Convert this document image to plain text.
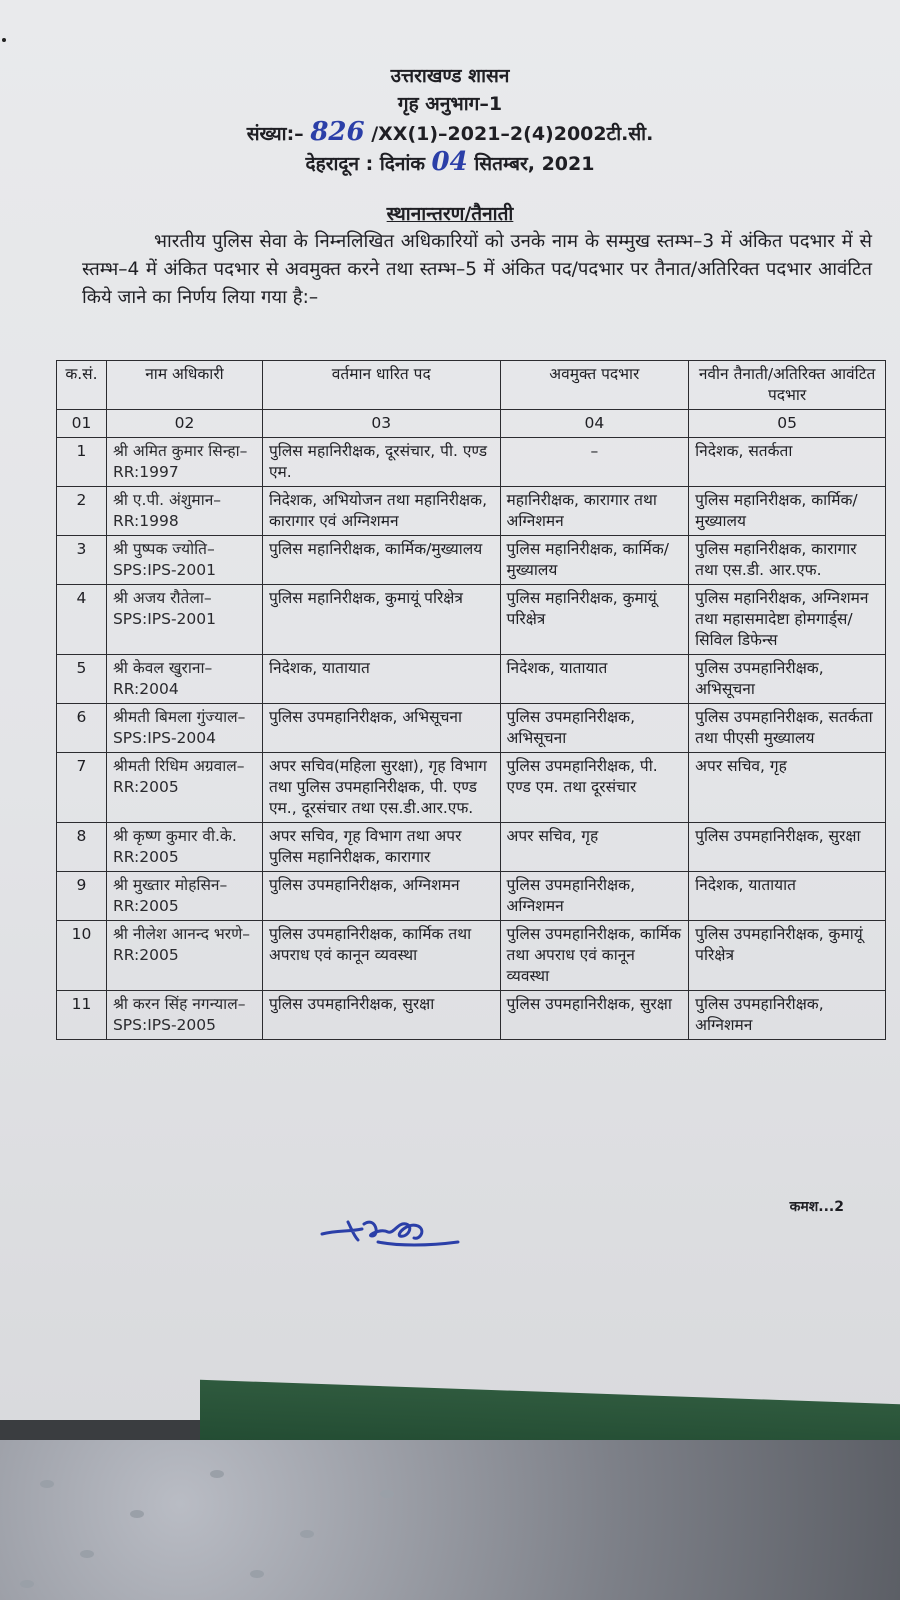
उत्तराखण्ड शासन
गृह अनुभाग–1
संख्या:– 826 /XX(1)–2021–2(4)2002टी.सी.
देहरादून : दिनांक 04 सितम्बर, 2021
स्थानान्तरण/तैनाती
भारतीय पुलिस सेवा के निम्नलिखित अधिकारियों को उनके नाम के सम्मुख स्तम्भ–3 में अंकित पदभार में से स्तम्भ–4 में अंकित पदभार से अवमुक्त करने तथा स्तम्भ–5 में अंकित पद/पदभार पर तैनात/अतिरिक्त पदभार आवंटित किये जाने का निर्णय लिया गया है:–
क.सं.	नाम अधिकारी	वर्तमान धारित पद	अवमुक्त पदभार	नवीन तैनाती/अतिरिक्त आवंटित पदभार
01	02	03	04	05
1	श्री अमित कुमार सिन्हा– RR:1997	पुलिस महानिरीक्षक, दूरसंचार, पी. एण्ड एम.	–	निदेशक, सतर्कता
2	श्री ए.पी. अंशुमान– RR:1998	निदेशक, अभियोजन तथा महानिरीक्षक, कारागार एवं अग्निशमन	महानिरीक्षक, कारागार तथा अग्निशमन	पुलिस महानिरीक्षक, कार्मिक/मुख्यालय
3	श्री पुष्पक ज्योति– SPS:IPS-2001	पुलिस महानिरीक्षक, कार्मिक/मुख्यालय	पुलिस महानिरीक्षक, कार्मिक/मुख्यालय	पुलिस महानिरीक्षक, कारागार तथा एस.डी. आर.एफ.
4	श्री अजय रौतेला– SPS:IPS-2001	पुलिस महानिरीक्षक, कुमायूं परिक्षेत्र	पुलिस महानिरीक्षक, कुमायूं परिक्षेत्र	पुलिस महानिरीक्षक, अग्निशमन तथा महासमादेष्टा होमगार्ड्स/सिविल डिफेन्स
5	श्री केवल खुराना– RR:2004	निदेशक, यातायात	निदेशक, यातायात	पुलिस उपमहानिरीक्षक, अभिसूचना
6	श्रीमती बिमला गुंज्याल– SPS:IPS-2004	पुलिस उपमहानिरीक्षक, अभिसूचना	पुलिस उपमहानिरीक्षक, अभिसूचना	पुलिस उपमहानिरीक्षक, सतर्कता तथा पीएसी मुख्यालय
7	श्रीमती रिधिम अग्रवाल– RR:2005	अपर सचिव(महिला सुरक्षा), गृह विभाग तथा पुलिस उपमहानिरीक्षक, पी. एण्ड एम., दूरसंचार तथा एस.डी.आर.एफ.	पुलिस उपमहानिरीक्षक, पी. एण्ड एम. तथा दूरसंचार	अपर सचिव, गृह
8	श्री कृष्ण कुमार वी.के. RR:2005	अपर सचिव, गृह विभाग तथा अपर पुलिस महानिरीक्षक, कारागार	अपर सचिव, गृह	पुलिस उपमहानिरीक्षक, सुरक्षा
9	श्री मुख्तार मोहसिन– RR:2005	पुलिस उपमहानिरीक्षक, अग्निशमन	पुलिस उपमहानिरीक्षक, अग्निशमन	निदेशक, यातायात
10	श्री नीलेश आनन्द भरणे– RR:2005	पुलिस उपमहानिरीक्षक, कार्मिक तथा अपराध एवं कानून व्यवस्था	पुलिस उपमहानिरीक्षक, कार्मिक तथा अपराध एवं कानून व्यवस्था	पुलिस उपमहानिरीक्षक, कुमायूं परिक्षेत्र
11	श्री करन सिंह नगन्याल– SPS:IPS-2005	पुलिस उपमहानिरीक्षक, सुरक्षा	पुलिस उपमहानिरीक्षक, सुरक्षा	पुलिस उपमहानिरीक्षक, अग्निशमन
कमश...2
